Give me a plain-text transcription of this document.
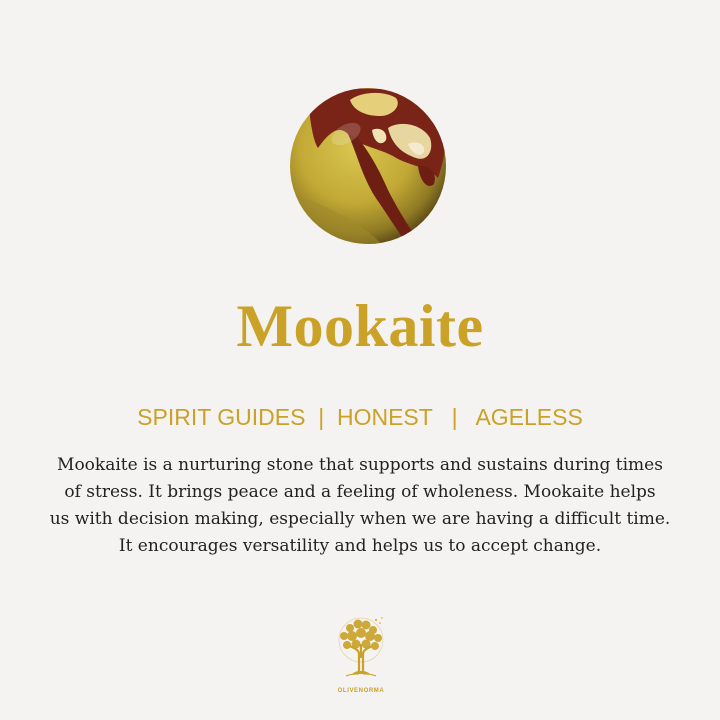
Mookaite
SPIRIT GUIDES  |  HONEST   |   AGELESS
Mookaite is a nurturing stone that supports and sustains during times
of stress. It brings peace and a feeling of wholeness. Mookaite helps
us with decision making, especially when we are having a difficult time.
It encourages versatility and helps us to accept change.
OLIVENORMA
